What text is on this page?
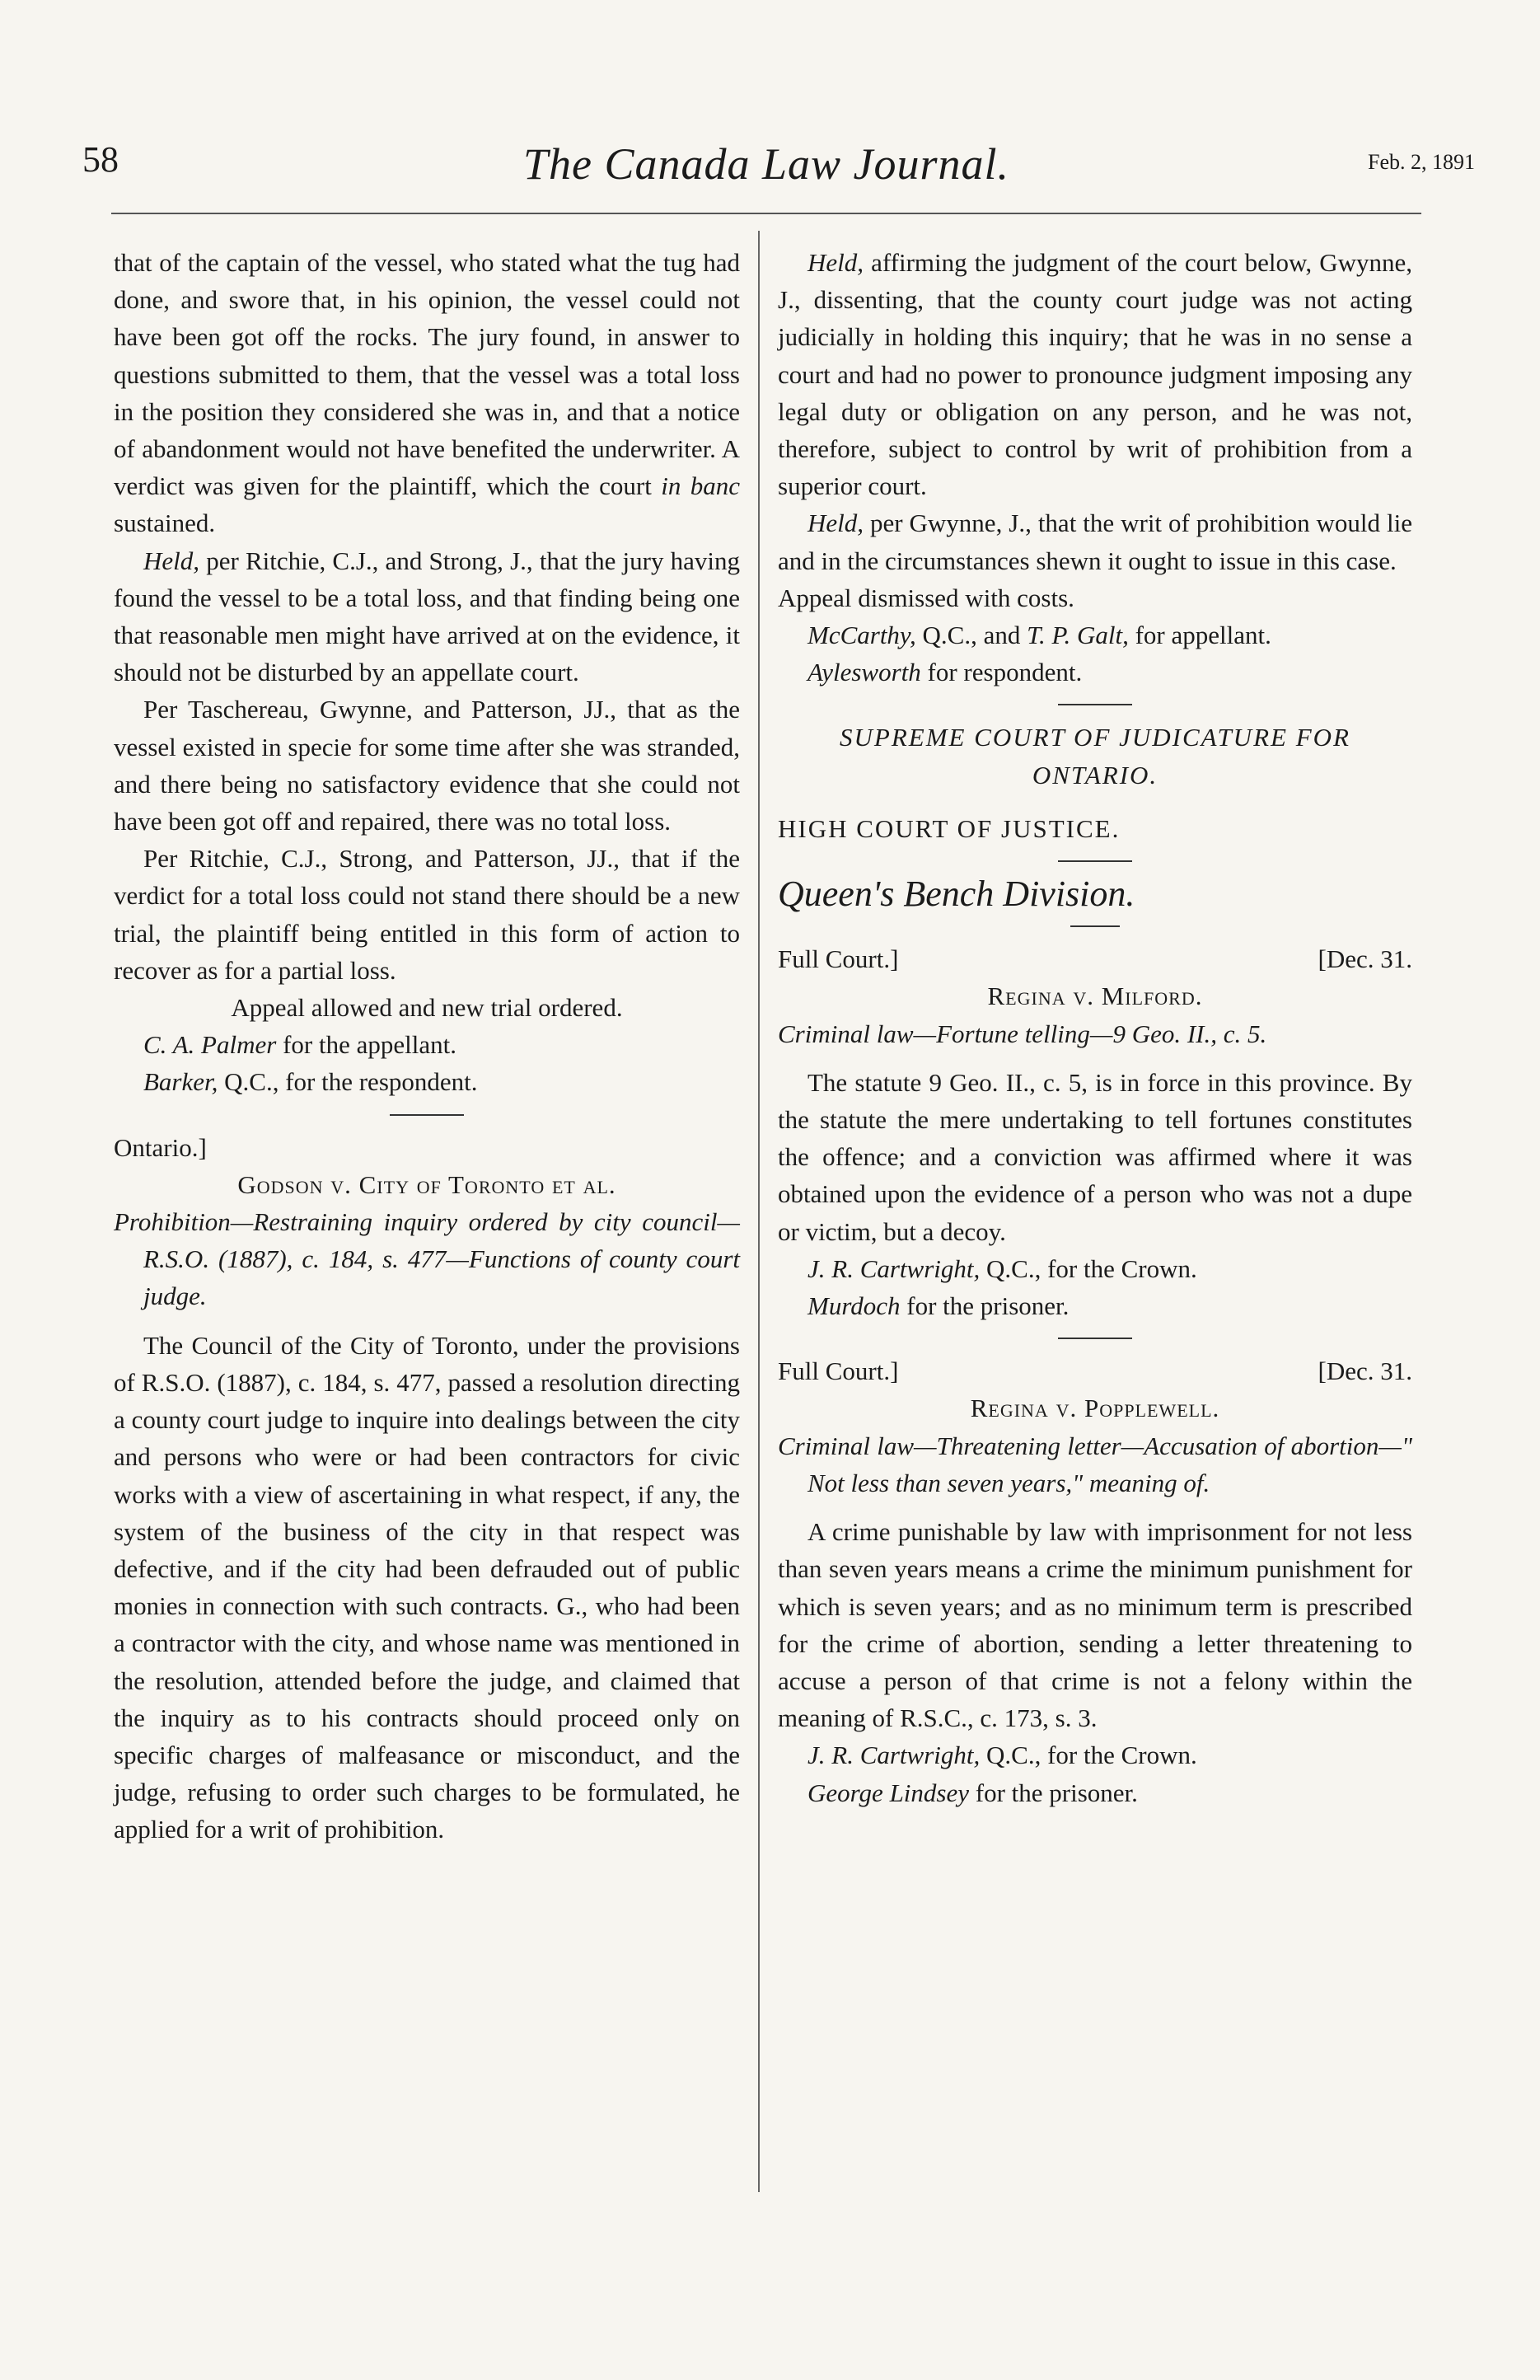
58	The Canada Law Journal.	Feb. 2, 1891

that of the captain of the vessel, who stated what the tug had done, and swore that, in his opinion, the vessel could not have been got off the rocks. The jury found, in answer to questions submitted to them, that the vessel was a total loss in the position they considered she was in, and that a notice of abandonment would not have benefited the underwriter. A verdict was given for the plaintiff, which the court in banc sustained.

Held, per Ritchie, C.J., and Strong, J., that the jury having found the vessel to be a total loss, and that finding being one that reasonable men might have arrived at on the evidence, it should not be disturbed by an appellate court.

Per Taschereau, Gwynne, and Patterson, JJ., that as the vessel existed in specie for some time after she was stranded, and there being no satisfactory evidence that she could not have been got off and repaired, there was no total loss.

Per Ritchie, C.J., Strong, and Patterson, JJ., that if the verdict for a total loss could not stand there should be a new trial, the plaintiff being entitled in this form of action to recover as for a partial loss.

Appeal allowed and new trial ordered.

C. A. Palmer for the appellant.

Barker, Q.C., for the respondent.

Ontario.]

Godson v. City of Toronto et al.

Prohibition—Restraining inquiry ordered by city council—R.S.O. (1887), c. 184, s. 477—Functions of county court judge.

The Council of the City of Toronto, under the provisions of R.S.O. (1887), c. 184, s. 477, passed a resolution directing a county court judge to inquire into dealings between the city and persons who were or had been contractors for civic works with a view of ascertaining in what respect, if any, the system of the business of the city in that respect was defective, and if the city had been defrauded out of public monies in connection with such contracts. G., who had been a contractor with the city, and whose name was mentioned in the resolution, attended before the judge, and claimed that the inquiry as to his contracts should proceed only on specific charges of malfeasance or misconduct, and the judge, refusing to order such charges to be formulated, he applied for a writ of prohibition.

Held, affirming the judgment of the court below, Gwynne, J., dissenting, that the county court judge was not acting judicially in holding this inquiry; that he was in no sense a court and had no power to pronounce judgment imposing any legal duty or obligation on any person, and he was not, therefore, subject to control by writ of prohibition from a superior court.

Held, per Gwynne, J., that the writ of prohibition would lie and in the circumstances shewn it ought to issue in this case.

Appeal dismissed with costs.

McCarthy, Q.C., and T. P. Galt, for appellant.

Aylesworth for respondent.

SUPREME COURT OF JUDICATURE FOR ONTARIO.

HIGH COURT OF JUSTICE.

Queen's Bench Division.

Full Court.]	[Dec. 31.

Regina v. Milford.

Criminal law—Fortune telling—9 Geo. II., c. 5.

The statute 9 Geo. II., c. 5, is in force in this province. By the statute the mere undertaking to tell fortunes constitutes the offence; and a conviction was affirmed where it was obtained upon the evidence of a person who was not a dupe or victim, but a decoy.

J. R. Cartwright, Q.C., for the Crown.

Murdoch for the prisoner.

Full Court.]	[Dec. 31.

Regina v. Popplewell.

Criminal law—Threatening letter—Accusation of abortion—" Not less than seven years," meaning of.

A crime punishable by law with imprisonment for not less than seven years means a crime the minimum punishment for which is seven years; and as no minimum term is prescribed for the crime of abortion, sending a letter threatening to accuse a person of that crime is not a felony within the meaning of R.S.C., c. 173, s. 3.

J. R. Cartwright, Q.C., for the Crown.

George Lindsey for the prisoner.
